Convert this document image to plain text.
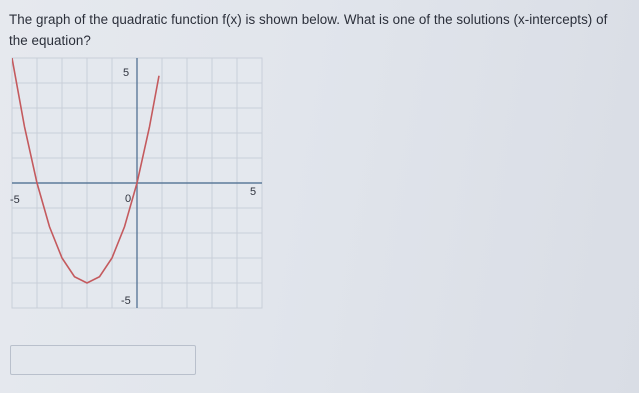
The graph of the quadratic function f(x) is shown below. What is one of the solutions (x-intercepts) of the equation?
-5
5
0
5
-5
